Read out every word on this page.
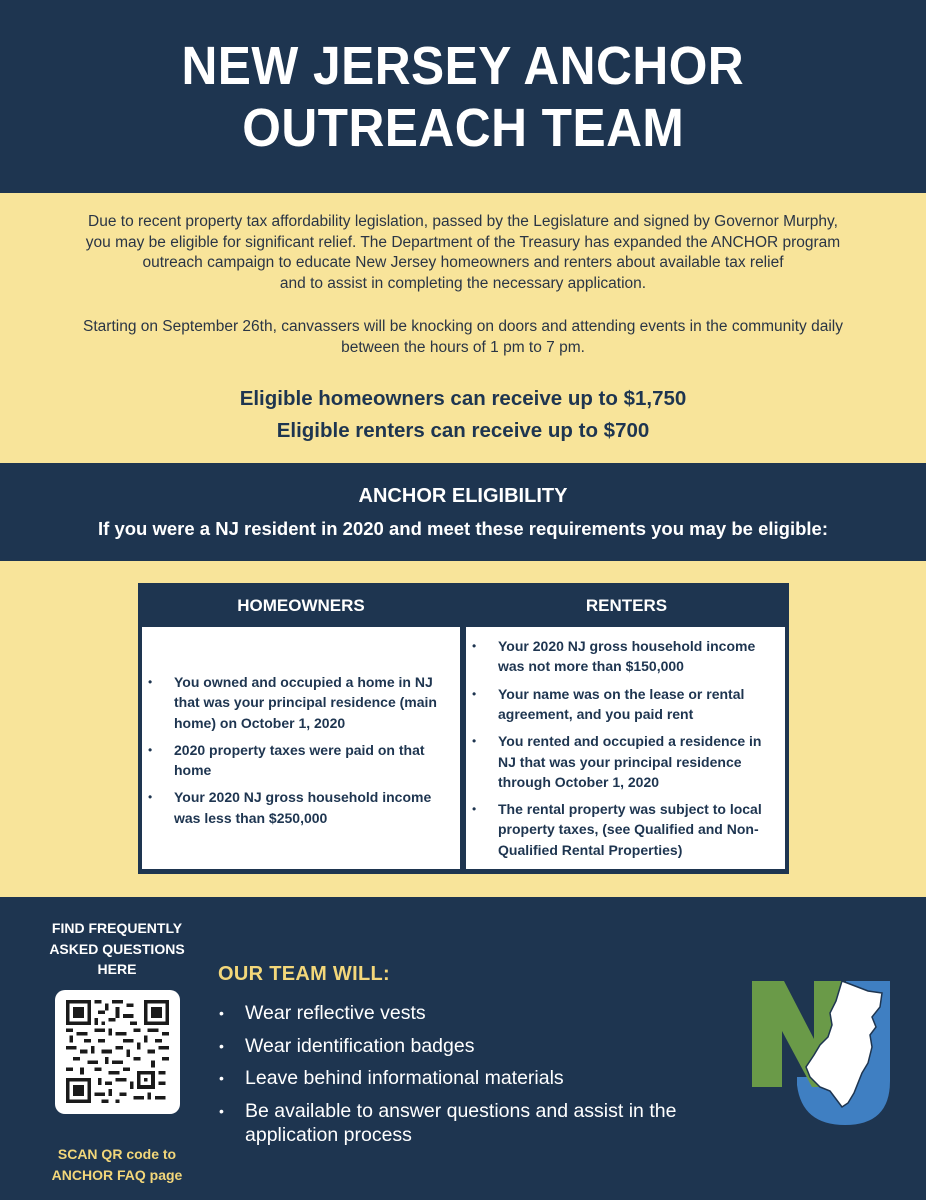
NEW JERSEY ANCHOR
OUTREACH TEAM

Due to recent property tax affordability legislation, passed by the Legislature and signed by Governor Murphy,
you may be eligible for significant relief. The Department of the Treasury has expanded the ANCHOR program
outreach campaign to educate New Jersey homeowners and renters about available tax relief
and to assist in completing the necessary application.

Starting on September 26th, canvassers will be knocking on doors and attending events in the community daily
between the hours of 1 pm to 7 pm.

Eligible homeowners can receive up to $1,750
Eligible renters can receive up to $700
ANCHOR ELIGIBILITY
If you were a NJ resident in 2020 and meet these requirements you may be eligible:
HOMEOWNERS	RENTERS
• You owned and occupied a home in NJ that was your principal residence (main home) on October 1, 2020
• 2020 property taxes were paid on that home
• Your 2020 NJ gross household income was less than $250,000
• Your 2020 NJ gross household income was not more than $150,000
• Your name was on the lease or rental agreement, and you paid rent
• You rented and occupied a residence in NJ that was your principal residence through October 1, 2020
• The rental property was subject to local property taxes, (see Qualified and Non-Qualified Rental Properties)
FIND FREQUENTLY
ASKED QUESTIONS
HERE
SCAN QR code to
ANCHOR FAQ page
OUR TEAM WILL:
• Wear reflective vests
• Wear identification badges
• Leave behind informational materials
• Be available to answer questions and assist in the application process
